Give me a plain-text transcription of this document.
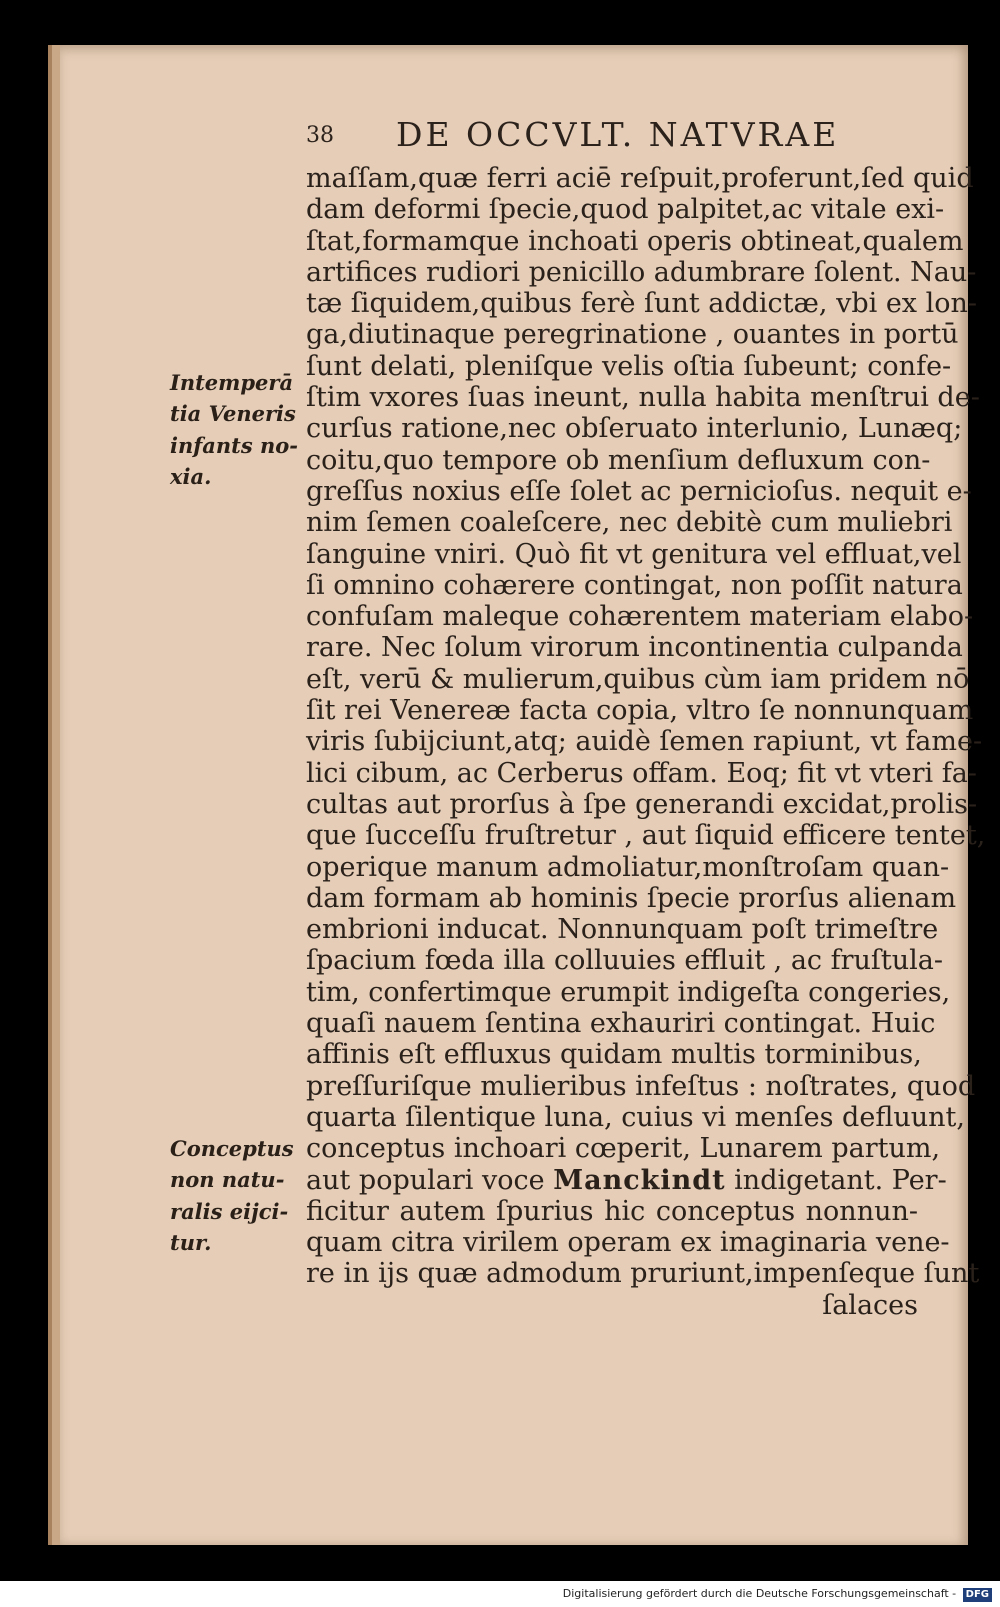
38 DE OCCVLT. NATVRAE
maſſam,quæ ferri aciē reſpuit,proferunt,ſed quid
dam deformi ſpecie,quod palpitet,ac vitale exi-
ſtat,formamque inchoati operis obtineat,qualem
artifices rudiori penicillo adumbrare ſolent. Nau-
tæ ſiquidem,quibus ferè ſunt addictæ, vbi ex lon-
ga,diutinaque peregrinatione , ouantes in portū
ſunt delati, pleniſque velis oſtia ſubeunt; confe-
ſtim vxores ſuas ineunt, nulla habita menſtrui de-
curſus ratione,nec obſeruato interlunio, Lunæq;
coitu,quo tempore ob menſium defluxum con-
greſſus noxius eſſe ſolet ac pernicioſus. nequit e-
nim ſemen coaleſcere, nec debitè cum muliebri
ſanguine vniri. Quò fit vt genitura vel effluat,vel
ſi omnino cohærere contingat, non poſſit natura
confuſam maleque cohærentem materiam elabo-
rare. Nec ſolum virorum incontinentia culpanda
eſt, verū & mulierum,quibus cùm iam pridem nō
ſit rei Venereæ facta copia, vltro ſe nonnunquam
viris ſubijciunt,atq; auidè ſemen rapiunt, vt fame-
lici cibum, ac Cerberus offam. Eoq; fit vt vteri fa-
cultas aut prorſus à ſpe generandi excidat,prolis-
que ſucceſſu fruſtretur , aut ſiquid efficere tentet,
operique manum admoliatur,monſtroſam quan-
dam formam ab hominis ſpecie prorſus alienam
embrioni inducat. Nonnunquam poſt trimeſtre
ſpacium fœda illa colluuies effluit , ac fruſtula-
tim, confertimque erumpit indigeſta congeries,
quaſi nauem ſentina exhauriri contingat. Huic
affinis eſt effluxus quidam multis torminibus,
preſſuriſque mulieribus infeſtus : noſtrates, quod
quarta ſilentique luna, cuius vi menſes defluunt,
conceptus inchoari cœperit, Lunarem partum,
aut populari voce Manckindt indigetant. Per-
ficitur autem ſpurius hic conceptus nonnun-
quam citra virilem operam ex imaginaria vene-
re in ijs quæ admodum pruriunt,impenſeque ſunt
ſalaces
Intemperā
tia Veneris
infants no-
xia.
Conceptus
non natu-
ralis eijci-
tur.
Digitalisierung gefördert durch die Deutsche Forschungsgemeinschaft - DFG
